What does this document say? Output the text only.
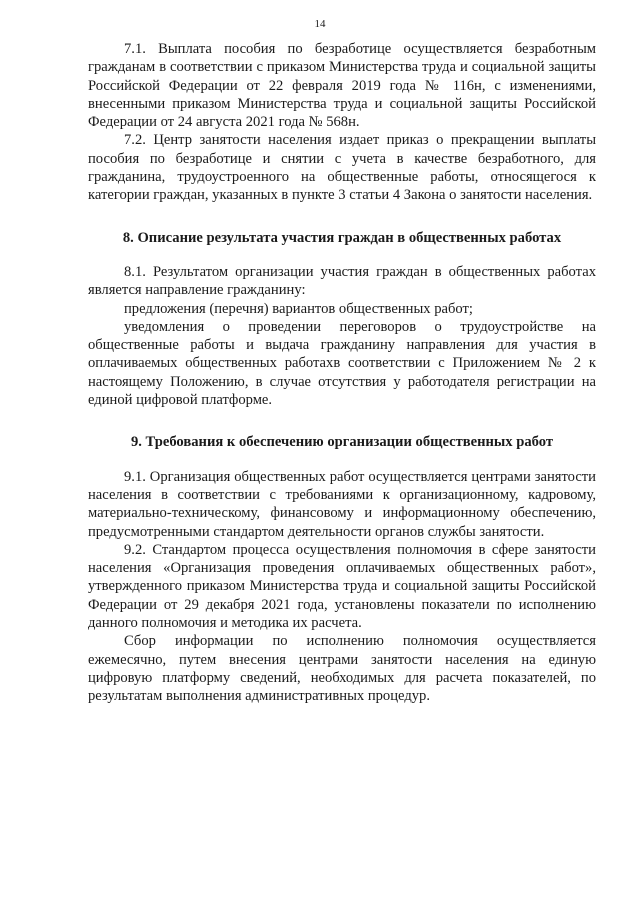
14

7.1. Выплата пособия по безработице осуществляется безработным гражданам в соответствии с приказом Министерства труда и социальной защиты Российской Федерации от 22 февраля 2019 года № 116н, с изменениями, внесенными приказом Министерства труда и социальной защиты Российской Федерации от 24 августа 2021 года № 568н.

7.2. Центр занятости населения издает приказ о прекращении выплаты пособия по безработице и снятии с учета в качестве безработного, для гражданина, трудоустроенного на общественные работы, относящегося к категории граждан, указанных в пункте 3 статьи 4 Закона о занятости населения.

8. Описание результата участия граждан в общественных работах

8.1. Результатом организации участия граждан в общественных работах является направление гражданину:

предложения (перечня) вариантов общественных работ;

уведомления о проведении переговоров о трудоустройстве на общественные работы и выдача гражданину направления для участия в оплачиваемых общественных работахв соответствии с Приложением № 2 к настоящему Положению, в случае отсутствия у работодателя регистрации на единой цифровой платформе.

9. Требования к обеспечению организации общественных работ

9.1. Организация общественных работ осуществляется центрами занятости населения в соответствии с требованиями к организационному, кадровому, материально-техническому, финансовому и информационному обеспечению, предусмотренными стандартом деятельности органов службы занятости.

9.2. Стандартом процесса осуществления полномочия в сфере занятости населения «Организация проведения оплачиваемых общественных работ», утвержденного приказом Министерства труда и социальной защиты Российской Федерации от 29 декабря 2021 года, установлены показатели по исполнению данного полномочия и методика их расчета.

Сбор информации по исполнению полномочия осуществляется ежемесячно, путем внесения центрами занятости населения на единую цифровую платформу сведений, необходимых для расчета показателей, по результатам выполнения административных процедур.
